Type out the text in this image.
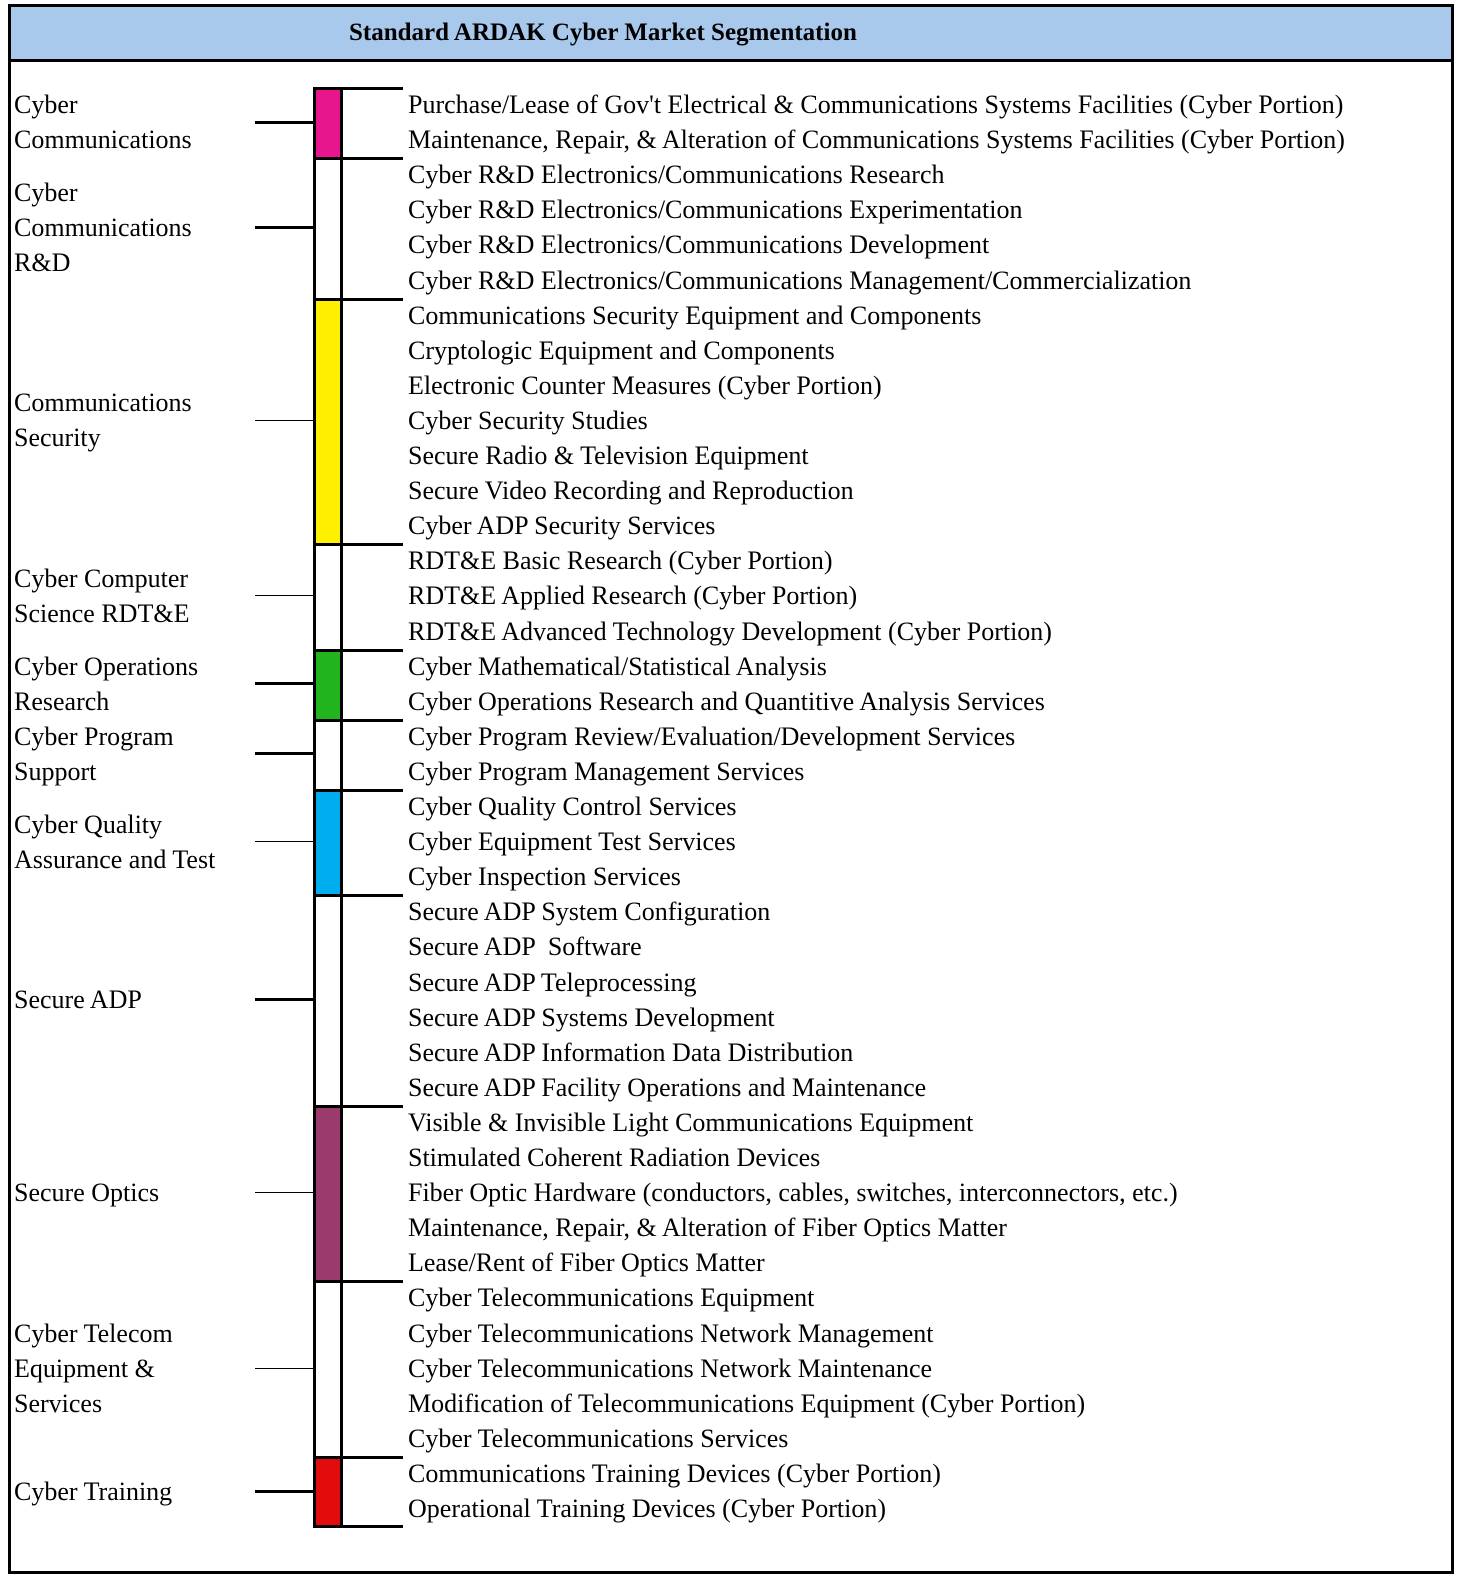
Standard ARDAK Cyber Market Segmentation
Cyber
Communications
Purchase/Lease of Gov't Electrical & Communications Systems Facilities (Cyber Portion)
Maintenance, Repair, & Alteration of Communications Systems Facilities (Cyber Portion)
Cyber
Communications
R&D
Cyber R&D Electronics/Communications Research
Cyber R&D Electronics/Communications Experimentation
Cyber R&D Electronics/Communications Development
Cyber R&D Electronics/Communications Management/Commercialization
Communications
Security
Communications Security Equipment and Components
Cryptologic Equipment and Components
Electronic Counter Measures (Cyber Portion)
Cyber Security Studies
Secure Radio & Television Equipment
Secure Video Recording and Reproduction
Cyber ADP Security Services
Cyber Computer
Science RDT&E
RDT&E Basic Research (Cyber Portion)
RDT&E Applied Research (Cyber Portion)
RDT&E Advanced Technology Development (Cyber Portion)
Cyber Operations
Research
Cyber Mathematical/Statistical Analysis
Cyber Operations Research and Quantitive Analysis Services
Cyber Program
Support
Cyber Program Review/Evaluation/Development Services
Cyber Program Management Services
Cyber Quality
Assurance and Test
Cyber Quality Control Services
Cyber Equipment Test Services
Cyber Inspection Services
Secure ADP
Secure ADP System Configuration
Secure ADP  Software
Secure ADP Teleprocessing
Secure ADP Systems Development
Secure ADP Information Data Distribution
Secure ADP Facility Operations and Maintenance
Secure Optics
Visible & Invisible Light Communications Equipment
Stimulated Coherent Radiation Devices
Fiber Optic Hardware (conductors, cables, switches, interconnectors, etc.)
Maintenance, Repair, & Alteration of Fiber Optics Matter
Lease/Rent of Fiber Optics Matter
Cyber Telecom
Equipment &
Services
Cyber Telecommunications Equipment
Cyber Telecommunications Network Management
Cyber Telecommunications Network Maintenance
Modification of Telecommunications Equipment (Cyber Portion)
Cyber Telecommunications Services
Cyber Training
Communications Training Devices (Cyber Portion)
Operational Training Devices (Cyber Portion)
